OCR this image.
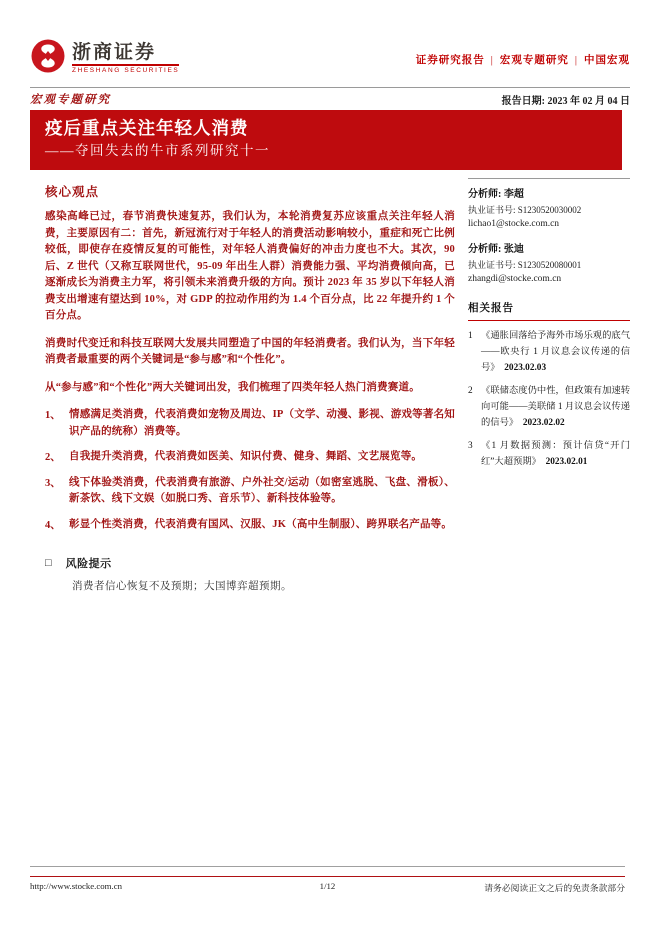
浙商证券
ZHESHANG SECURITIES
证券研究报告 | 宏观专题研究 | 中国宏观
宏观专题研究	报告日期: 2023 年 02 月 04 日
疫后重点关注年轻人消费
——夺回失去的牛市系列研究十一
核心观点

感染高峰已过，春节消费快速复苏，我们认为，本轮消费复苏应该重点关注年轻人消费，主要原因有二：首先，新冠流行对于年轻人的消费活动影响较小，重症和死亡比例较低，即使存在疫情反复的可能性，对年轻人消费偏好的冲击力度也不大。其次，90 后、Z 世代（又称互联网世代，95-09 年出生人群）消费能力强、平均消费倾向高，已逐渐成长为消费主力军，将引领未来消费升级的方向。预计 2023 年 35 岁以下年轻人消费支出增速有望达到 10%，对 GDP 的拉动作用约为 1.4 个百分点，比 22 年提升约 1 个百分点。

消费时代变迁和科技互联网大发展共同塑造了中国的年轻消费者。我们认为，当下年轻消费者最重要的两个关键词是“参与感”和“个性化”。

从“参与感”和“个性化”两大关键词出发，我们梳理了四类年轻人热门消费赛道。

1、 情感满足类消费，代表消费如宠物及周边、IP（文学、动漫、影视、游戏等著名知识产品的统称）消费等。
2、 自我提升类消费，代表消费如医美、知识付费、健身、舞蹈、文艺展览等。
3、 线下体验类消费，代表消费有旅游、户外社交/运动（如密室逃脱、飞盘、滑板）、新茶饮、线下文娱（如脱口秀、音乐节）、新科技体验等。
4、 彰显个性类消费，代表消费有国风、汉服、JK（高中生制服）、跨界联名产品等。
□ 风险提示
消费者信心恢复不及预期；大国博弈超预期。
分析师: 李超
执业证书号: S1230520030002
lichao1@stocke.com.cn
分析师: 张迪
执业证书号: S1230520080001
zhangdi@stocke.com.cn
相关报告
1 《通胀回落给予海外市场乐观的底气——欧央行 1 月议息会议传递的信号》 2023.02.03
2 《联储态度仍中性，但政策有加速转向可能——美联储 1 月议息会议传递的信号》 2023.02.02
3 《1 月数据预测：预计信贷“开门红”大超预期》 2023.02.01
http://www.stocke.com.cn	1/12	请务必阅读正文之后的免责条款部分
